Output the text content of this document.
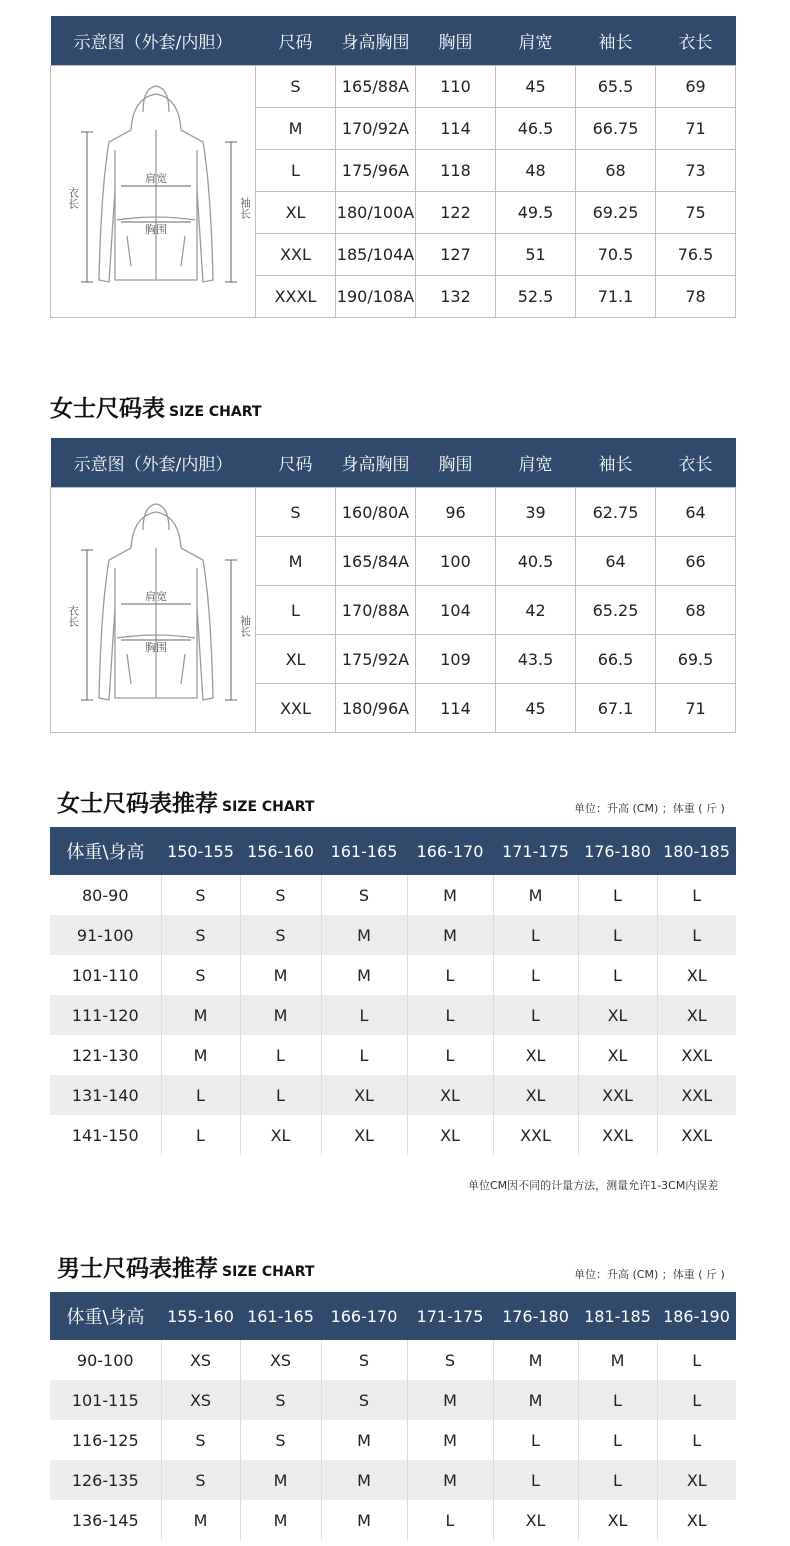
示意图（外套/内胆）	尺码	身高胸围	胸围	肩宽	袖长	衣长

肩宽
胸围
衣长 袖长	S	165/88A	110	45	65.5	69
	M	170/92A	114	46.5	66.75	71
	L	175/96A	118	48	68	73
	XL	180/100A	122	49.5	69.25	75
	XXL	185/104A	127	51	70.5	76.5
	XXXL	190/108A	132	52.5	71.1	78
女士尺码表 SIZE CHART
示意图（外套/内胆）	尺码	身高胸围	胸围	肩宽	袖长	衣长

肩宽
胸围
衣长 袖长	S	160/80A	96	39	62.75	64
	M	165/84A	100	40.5	64	66
	L	170/88A	104	42	65.25	68
	XL	175/92A	109	43.5	66.5	69.5
	XXL	180/96A	114	45	67.1	71
女士尺码表推荐 SIZE CHART	单位：升高 (CM) ；体重 ( 斤 )
体重\身高	150-155	156-160	161-165	166-170	171-175	176-180	180-185
80-90	S	S	S	M	M	L	L
91-100	S	S	M	M	L	L	L
101-110	S	M	M	L	L	L	XL
111-120	M	M	L	L	L	XL	XL
121-130	M	L	L	L	XL	XL	XXL
131-140	L	L	XL	XL	XL	XXL	XXL
141-150	L	XL	XL	XL	XXL	XXL	XXL
单位CM因不同的计量方法，测量允许1-3CM内误差
男士尺码表推荐 SIZE CHART	单位：升高 (CM) ；体重 ( 斤 )
体重\身高	155-160	161-165	166-170	171-175	176-180	181-185	186-190
90-100	XS	XS	S	S	M	M	L
101-115	XS	S	S	M	M	L	L
116-125	S	S	M	M	L	L	L
126-135	S	M	M	M	L	L	XL
136-145	M	M	M	L	XL	XL	XL
